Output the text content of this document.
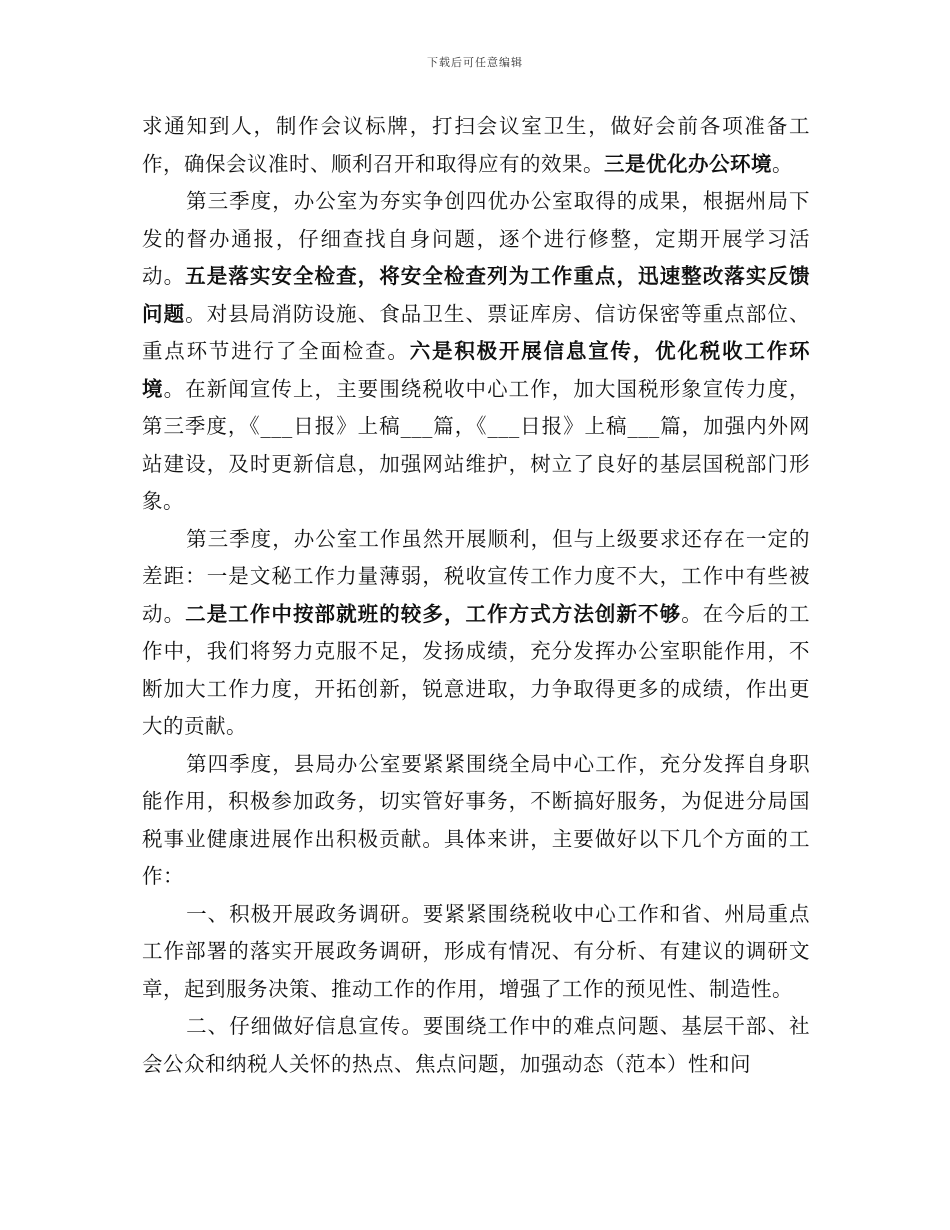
下载后可任意编辑

求通知到人，制作会议标牌，打扫会议室卫生，做好会前各项准备工作，确保会议准时、顺利召开和取得应有的效果。三是优化办公环境。

第三季度，办公室为夯实争创四优办公室取得的成果，根据州局下发的督办通报，仔细查找自身问题，逐个进行修整，定期开展学习活动。五是落实安全检查，将安全检查列为工作重点，迅速整改落实反馈问题。对县局消防设施、食品卫生、票证库房、信访保密等重点部位、重点环节进行了全面检查。六是积极开展信息宣传，优化税收工作环境。在新闻宣传上，主要围绕税收中心工作，加大国税形象宣传力度，第三季度，《___日报》上稿___篇，《___日报》上稿___篇，加强内外网站建设，及时更新信息，加强网站维护，树立了良好的基层国税部门形象。

第三季度，办公室工作虽然开展顺利，但与上级要求还存在一定的差距：一是文秘工作力量薄弱，税收宣传工作力度不大，工作中有些被动。二是工作中按部就班的较多，工作方式方法创新不够。在今后的工作中，我们将努力克服不足，发扬成绩，充分发挥办公室职能作用，不断加大工作力度，开拓创新，锐意进取，力争取得更多的成绩，作出更大的贡献。

第四季度，县局办公室要紧紧围绕全局中心工作，充分发挥自身职能作用，积极参加政务，切实管好事务，不断搞好服务，为促进分局国税事业健康进展作出积极贡献。具体来讲，主要做好以下几个方面的工作：

一、积极开展政务调研。要紧紧围绕税收中心工作和省、州局重点工作部署的落实开展政务调研，形成有情况、有分析、有建议的调研文章，起到服务决策、推动工作的作用，增强了工作的预见性、制造性。

二、仔细做好信息宣传。要围绕工作中的难点问题、基层干部、社会公众和纳税人关怀的热点、焦点问题，加强动态（范本）性和问
